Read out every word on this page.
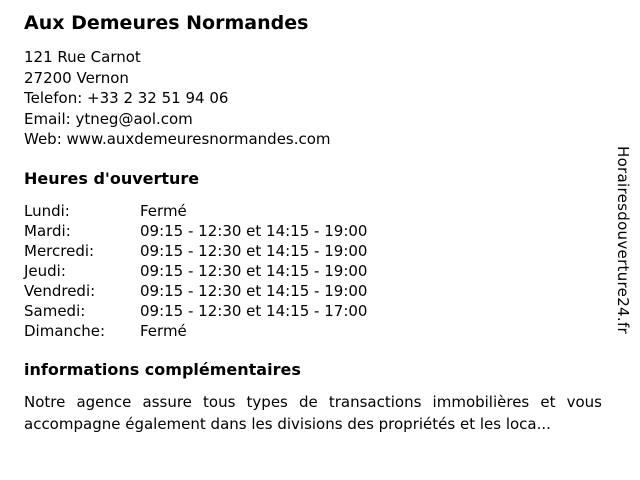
Aux Demeures Normandes
121 Rue Carnot
27200 Vernon
Telefon: +33 2 32 51 94 06
Email: ytneg@aol.com
Web: www.auxdemeuresnormandes.com
Heures d'ouverture
Lundi:	Fermé
Mardi:	09:15 - 12:30 et 14:15 - 19:00
Mercredi:	09:15 - 12:30 et 14:15 - 19:00
Jeudi:	09:15 - 12:30 et 14:15 - 19:00
Vendredi:	09:15 - 12:30 et 14:15 - 19:00
Samedi:	09:15 - 12:30 et 14:15 - 17:00
Dimanche:	Fermé
informations complémentaires
Notre agence assure tous types de transactions immobilières et vous accompagne également dans les divisions des propriétés et les loca...
Horairesdouverture24.fr
